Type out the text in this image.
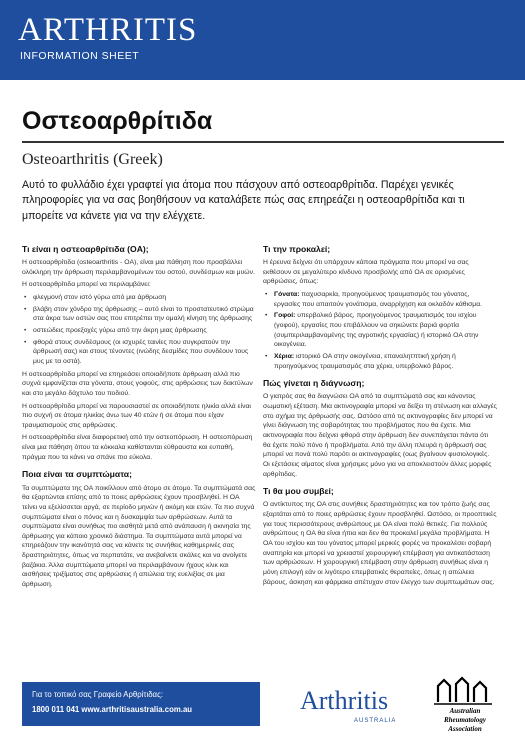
ARTHRITIS
INFORMATION SHEET
Οστεοαρθρίτιδα
Osteoarthritis (Greek)
Αυτό το φυλλάδιο έχει γραφτεί για άτομα που πάσχουν από οστεοαρθρίτιδα. Παρέχει γενικές πληροφορίες για να σας βοηθήσουν να καταλάβετε πώς σας επηρεάζει η οστεοαρθρίτιδα και τι μπορείτε να κάνετε για να την ελέγχετε.
Τι είναι η οστεοαρθρίτιδα (OA);

Η οστεοαρθρίτιδα (osteoarthritis - OA), είναι μια πάθηση που προσβάλλει ολόκληρη την άρθρωση περιλαμβανομένων του οστού, συνδέσμων και μυών.

Η οστεοαρθρίτιδα μπορεί να περιλαμβάνει:

• φλεγμονή στον ιστό γύρω από μια άρθρωση
• βλάβη στον χόνδρο της άρθρωσης – αυτό είναι το προστατευτικό στρώμα στα άκρα των οστών σας που επιτρέπει την ομαλή κίνηση της άρθρωσης
• οστεώδεις προεξοχές γύρω από την άκρη μιας άρθρωσης
• φθορά στους συνδέσμους (οι ισχυρές ταινίες που συγκρατούν την άρθρωσή σας) και στους τένοντες (ινώδης δεσμίδες που συνδέουν τους μυς με τα οστά).

Η οστεοαρθρίτιδα μπορεί να επηρεάσει οποιαδήποτε άρθρωση αλλά πιο συχνά εμφανίζεται στα γόνατα, στους γοφούς, στις αρθρώσεις των δακτύλων και στο μεγάλο δάχτυλο του ποδιού.

Η οστεοαρθρίτιδα μπορεί να παρουσιαστεί σε οποιαδήποτε ηλικία αλλά είναι πιο συχνή σε άτομα ηλικίας άνω των 40 ετών ή σε άτομα που είχαν τραυματισμούς στις αρθρώσεις.

Η οστεοαρθρίτιδα είναι διαφορετική από την οστεοπόρωση. Η οστεοπόρωση είναι μια πάθηση όπου τα κόκκαλα καθίστανται εύθραυστα και ευπαθή, πράγμα που τα κάνει να σπάνε πιο εύκολα.

Ποια είναι τα συμπτώματα;

Τα συμπτώματα της OA ποικίλλουν από άτομο σε άτομο. Τα συμπτώματά σας θα εξαρτώνται επίσης από το ποιες αρθρώσεις έχουν προσβληθεί. Η OA τείνει να εξελίσσεται αργά, σε περίοδο μηνών ή ακόμη και ετών. Τα πιο συχνά συμπτώματα είναι ο πόνος και η δυσκαμψία των αρθρώσεων. Αυτά τα συμπτώματα είναι συνήθως πιο αισθητά μετά από ανάπαυση ή ακινησία της άρθρωσης για κάποιο χρονικό διάστημα. Τα συμπτώματα αυτά μπορεί να επηρεάζουν την ικανότητά σας να κάνετε τις συνήθεις καθημερινές σας δραστηριότητες, όπως να περπατάτε, να ανεβαίνετε σκάλες και να ανοίγετε βαζάκια. Άλλα συμπτώματα μπορεί να περιλαμβάνουν ήχους κλικ και αισθήσεις τριξίματος στις αρθρώσεις ή απώλεια της ευελιξίας σε μια άρθρωση.

Τι την προκαλεί;

Η έρευνα δείχνει ότι υπάρχουν κάποια πράγματα που μπορεί να σας εκθέσουν σε μεγαλύτερο κίνδυνο προσβολής από OA σε ορισμένες αρθρώσεις, όπως:

• Γόνατα: παχυσαρκία, προηγούμενος τραυματισμός του γόνατος, εργασίες που απαιτούν γονάτισμα, αναρρίχηση και οκλαδόν κάθισμα.
• Γοφοί: υπερβολικό βάρος, προηγούμενος τραυματισμός του ισχίου (γοφού), εργασίες που επιβάλλουν να σηκώνετε βαριά φορτία (συμπεριλαμβανομένης της αγροτικής εργασίας) ή ιστορικό OA στην οικογένεια.
• Χέρια: ιστορικό OA στην οικογένεια, επαναλητπτική χρήση ή προηγούμενος τραυματισμός στα χέρια, υπερβολικό βάρος.
Πώς γίνεται η διάγνωση;

Ο γιατρός σας θα διαγνώσει OA από τα συμπτώματά σας και κάνοντας σωματική εξέταση. Μια ακτινογραφία μπορεί να δείξει τη στένωση και αλλαγές στο σχήμα της άρθρωσής σας. Ωστόσο από τις ακτινογραφίες δεν μπορεί να γίνει διάγνωση της σοβαρότητας του προβλήματος που θα έχετε. Μια ακτινογραφία που δείχνει φθορά στην άρθρωση δεν συνεπάγεται πάντα ότι θα έχετε πολύ πόνο ή προβλήματα. Από την άλλη πλευρά η άρθρωσή σας μπορεί να πονά πολύ παρότι οι ακτινογραφίες (οως βγαίνουν φυσιολογικές. Οι εξετάσεις αίματος είναι χρήσιμες μόνο για να αποκλειστούν άλλες μορφές αρθρίτιδας.

Τι θα μου συμβεί;

Ο αντίκτυπος της OA στις συνήθεις δραστηριότητες και τον τρόπο ζωής σας εξαρτάται από το ποιες αρθρώσεις έχουν προσβληθεί. Ωστόσο, οι προοπτικές για τους περισσότερους ανθρώπους με OA είναι πολύ θετικές. Για πολλούς ανθρώπους η OA θα είναι ήπια και δεν θα προκαλεί μεγάλα προβλήματα. Η OA του ισχίου και του γόνατος μπορεί μερικές φορές να προκαλέσει σοβαρή αναπηρία και μπορεί να χρειαστεί χειρουργική επέμβαση για αντικατάσταση των αρθρώσεων. Η χειρουργική επέμβαση στην άρθρωση συνήθως είναι η μόνη επιλογή εάν οι λιγότερο επεμβατικές θεραπείες, όπως η απώλεια βάρους, άσκηση και φάρμακα απέτυχαν στον έλεγχο των συμπτωμάτων σας.

Για το τοπικό σας Γραφείο Αρθρίτιδας:
1800 011 041 www.arthritisaustralia.com.au	Arthritis
AUSTRALIA
Australian
Rheumatology
Association
